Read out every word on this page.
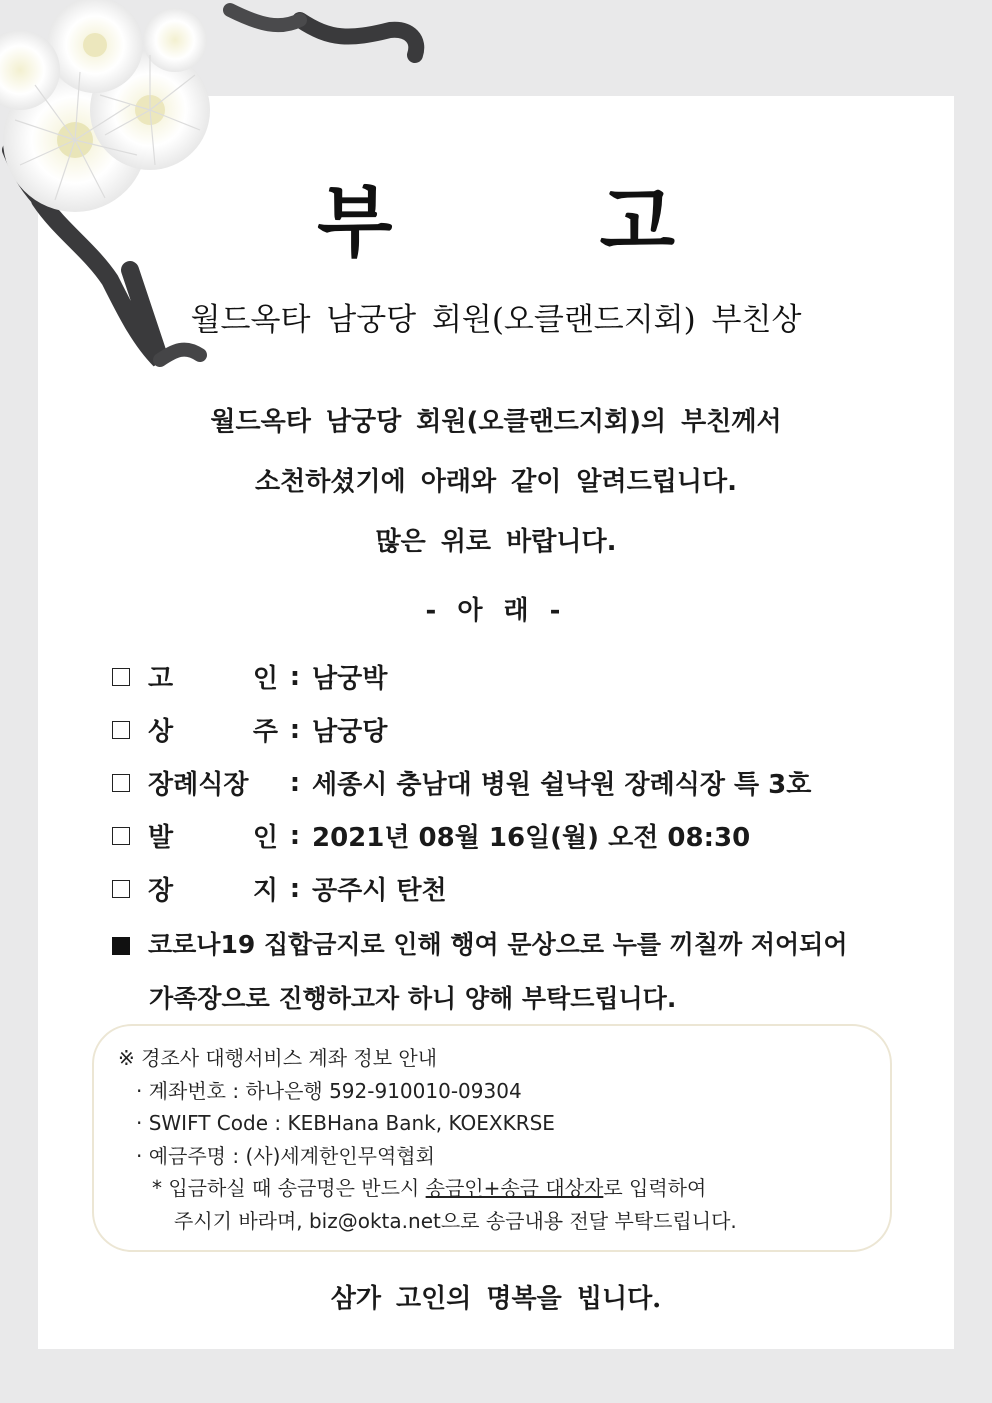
부 고
월드옥타 남궁당 회원(오클랜드지회) 부친상
월드옥타 남궁당 회원(오클랜드지회)의 부친께서
소천하셨기에 아래와 같이 알려드립니다.
많은 위로 바랍니다.
- 아 래 -
고	인 : 남궁박
상	주 : 남궁당
장례식장	: 세종시 충남대 병원 쉴낙원 장례식장 특 3호
발	인 : 2021년 08월 16일(월) 오전 08:30
장	지 : 공주시 탄천
코로나19 집합금지로 인해 행여 문상으로 누를 끼칠까 저어되어
가족장으로 진행하고자 하니 양해 부탁드립니다.
※ 경조사 대행서비스 계좌 정보 안내
· 계좌번호 : 하나은행 592-910010-09304
· SWIFT Code : KEBHana Bank, KOEXKRSE
· 예금주명 : (사)세계한인무역협회
* 입금하실 때 송금명은 반드시 송금인+송금 대상자로 입력하여
주시기 바라며, biz@okta.net으로 송금내용 전달 부탁드립니다.
삼가 고인의 명복을 빕니다.
